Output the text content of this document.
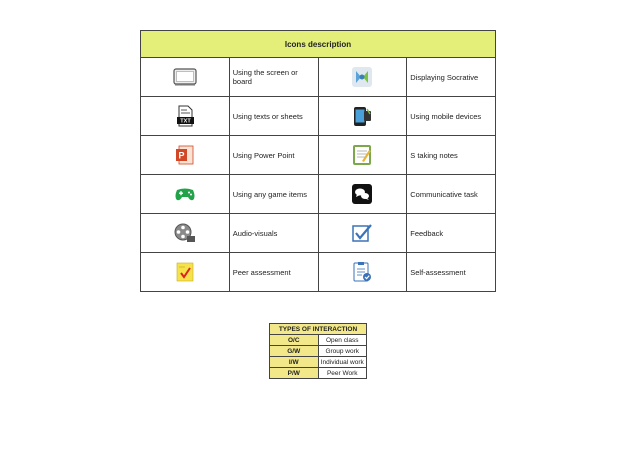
Icons description			

	Using the screen or board		Displaying Socrative

TXT	Using texts or sheets		Using mobile devices

P	Using Power Point		S taking notes

	Using any game items		Communicative task

	Audio-visuals		Feedback

	Peer assessment		Self-assessment
TYPES OF INTERACTION	
O/C	Open class
G/W	Group work
I/W	Individual work
P/W	Peer Work
